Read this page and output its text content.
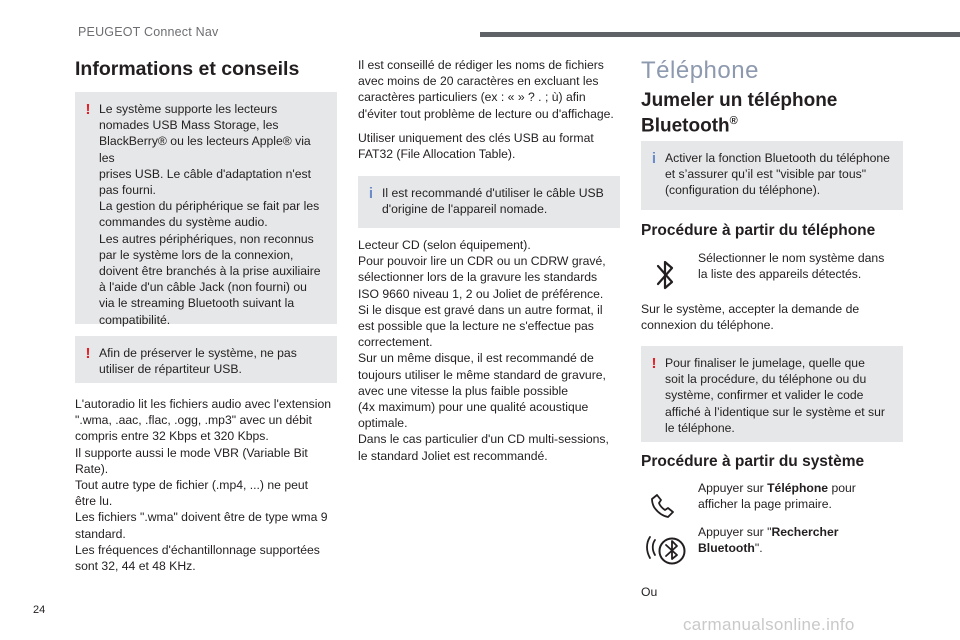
PEUGEOT Connect Nav
Informations et conseils
! Le système supporte les lecteurs

nomades USB Mass Storage, les

BlackBerry® ou les lecteurs Apple® via les

prises USB. Le câble d'adaptation n'est

pas fourni.

La gestion du périphérique se fait par les

commandes du système audio.

Les autres périphériques, non reconnus

par le système lors de la connexion,

doivent être branchés à la prise auxiliaire

à l'aide d'un câble Jack (non fourni) ou

via le streaming Bluetooth suivant la

compatibilité.

! Afin de préserver le système, ne pas

utiliser de répartiteur USB.

L'autoradio lit les fichiers audio avec l'extension

".wma, .aac, .flac, .ogg, .mp3" avec un débit

compris entre 32 Kbps et 320 Kbps.

Il supporte aussi le mode VBR (Variable Bit

Rate).

Tout autre type de fichier (.mp4, ...) ne peut

être lu.

Les fichiers ".wma" doivent être de type wma 9

standard.

Les fréquences d'échantillonnage supportées

sont 32, 44 et 48 KHz.

Il est conseillé de rédiger les noms de fichiers

avec moins de 20 caractères en excluant les

caractères particuliers (ex : « » ? . ; ù) afin

d'éviter tout problème de lecture ou d'affichage.

Utiliser uniquement des clés USB au format

FAT32 (File Allocation Table).

i Il est recommandé d'utiliser le câble USB

d'origine de l'appareil nomade.

Lecteur CD (selon équipement).

Pour pouvoir lire un CDR ou un CDRW gravé,

sélectionner lors de la gravure les standards

ISO 9660 niveau 1, 2 ou Joliet de préférence.

Si le disque est gravé dans un autre format, il

est possible que la lecture ne s'effectue pas

correctement.

Sur un même disque, il est recommandé de

toujours utiliser le même standard de gravure,

avec une vitesse la plus faible possible

(4x maximum) pour une qualité acoustique

optimale.

Dans le cas particulier d'un CD multi-sessions,

le standard Joliet est recommandé.

Téléphone
Jumeler un téléphone
Bluetooth®
i Activer la fonction Bluetooth du téléphone

et s’assurer qu’il est "visible par tous"

(configuration du téléphone).

Procédure à partir du téléphone

Sélectionner le nom système dans
la liste des appareils détectés.

Sur le système, accepter la demande de

connexion du téléphone.

! Pour finaliser le jumelage, quelle que

soit la procédure, du téléphone ou du

système, confirmer et valider le code

affiché à l’identique sur le système et sur

le téléphone.

Procédure à partir du système

Appuyer sur Téléphone pour
afficher la page primaire.

Appuyer sur "Rechercher
Bluetooth".

Ou

24
carmanualsonline.info
